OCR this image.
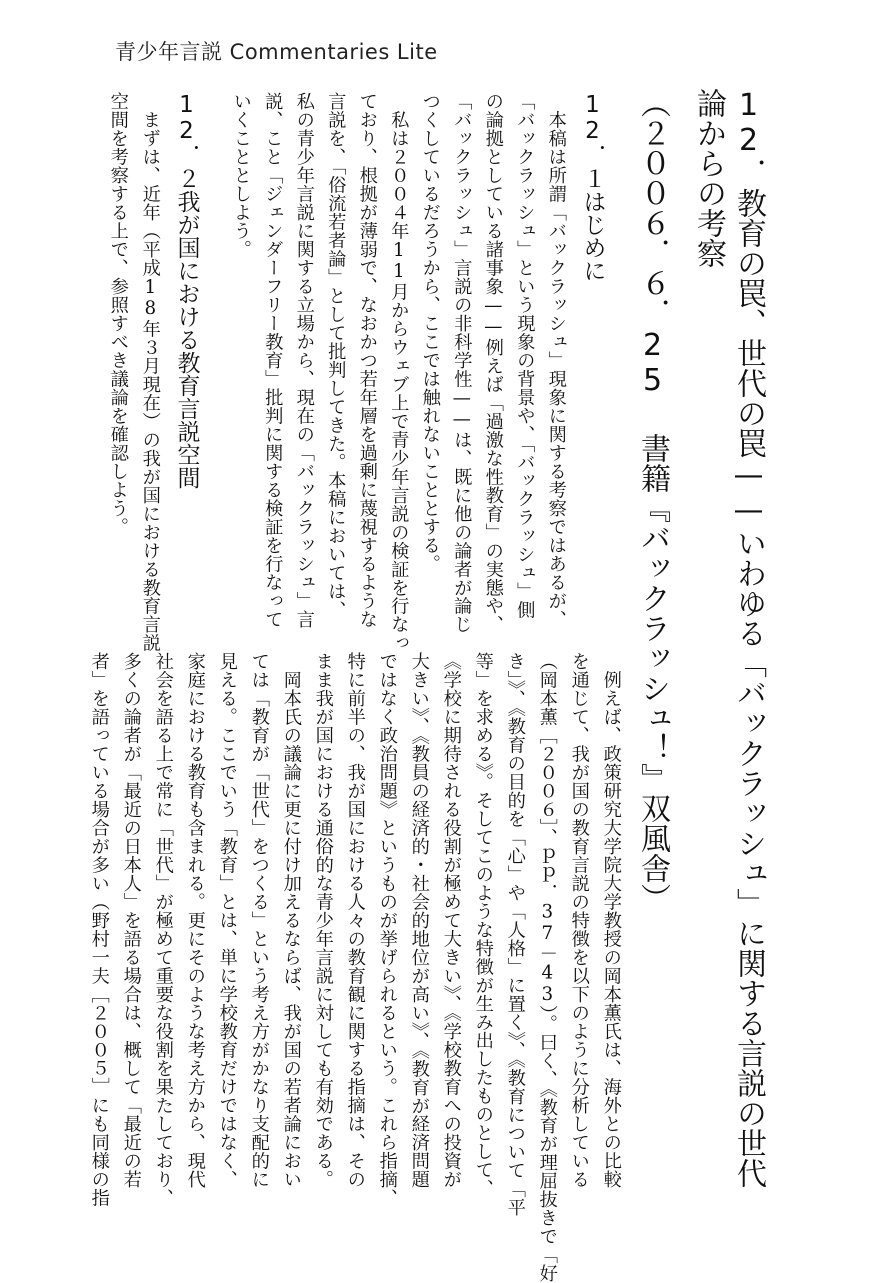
青少年言説 Commentaries Lite
12．教育の罠、世代の罠——いわゆる「バックラッシュ」に関する言説の世代
論からの考察
（２００６．６．25 書籍『バックラッシュ！』双風舎）
12．１はじめに
　本稿は所謂「バックラッシュ」現象に関する考察ではあるが、
「バックラッシュ」という現象の背景や、「バックラッシュ」側
の論拠としている諸事象——例えば「過激な性教育」の実態や、
「バックラッシュ」言説の非科学性——は、既に他の論者が論じ
つくしているだろうから、ここでは触れないこととする。
　私は２００４年11月からウェブ上で青少年言説の検証を行なっ
ており、根拠が薄弱で、なおかつ若年層を過剰に蔑視するような
言説を、「俗流若者論」として批判してきた。本稿においては、
私の青少年言説に関する立場から、現在の「バックラッシュ」言
説、こと「ジェンダーフリー教育」批判に関する検証を行なって
いくこととしよう。
12．２我が国における教育言説空間
　まずは、近年（平成18年３月現在）の我が国における教育言説
空間を考察する上で、参照すべき議論を確認しよう。
　例えば、政策研究大学院大学教授の岡本薫氏は、海外との比較
を通じて、我が国の教育言説の特徴を以下のように分析している
（岡本薫［２００６］、ｐｐ．37－43）。曰く、《教育が理屈抜きで「好
き」》、《教育の目的を「心」や「人格」に置く》、《教育について「平
等」を求める》。そしてこのような特徴が生み出したものとして、
《学校に期待される役割が極めて大きい》、《学校教育への投資が
大きい》、《教員の経済的・社会的地位が高い》、《教育が経済問題
ではなく政治問題》というものが挙げられるという。これら指摘、
特に前半の、我が国における人々の教育観に関する指摘は、その
まま我が国における通俗的な青少年言説に対しても有効である。
　岡本氏の議論に更に付け加えるならば、我が国の若者論におい
ては「教育が「世代」をつくる」という考え方がかなり支配的に
見える。ここでいう「教育」とは、単に学校教育だけではなく、
家庭における教育も含まれる。更にそのような考え方から、現代
社会を語る上で常に「世代」が極めて重要な役割を果たしており、
多くの論者が「最近の日本人」を語る場合は、概して「最近の若
者」を語っている場合が多い（野村一夫［２００５］にも同様の指
